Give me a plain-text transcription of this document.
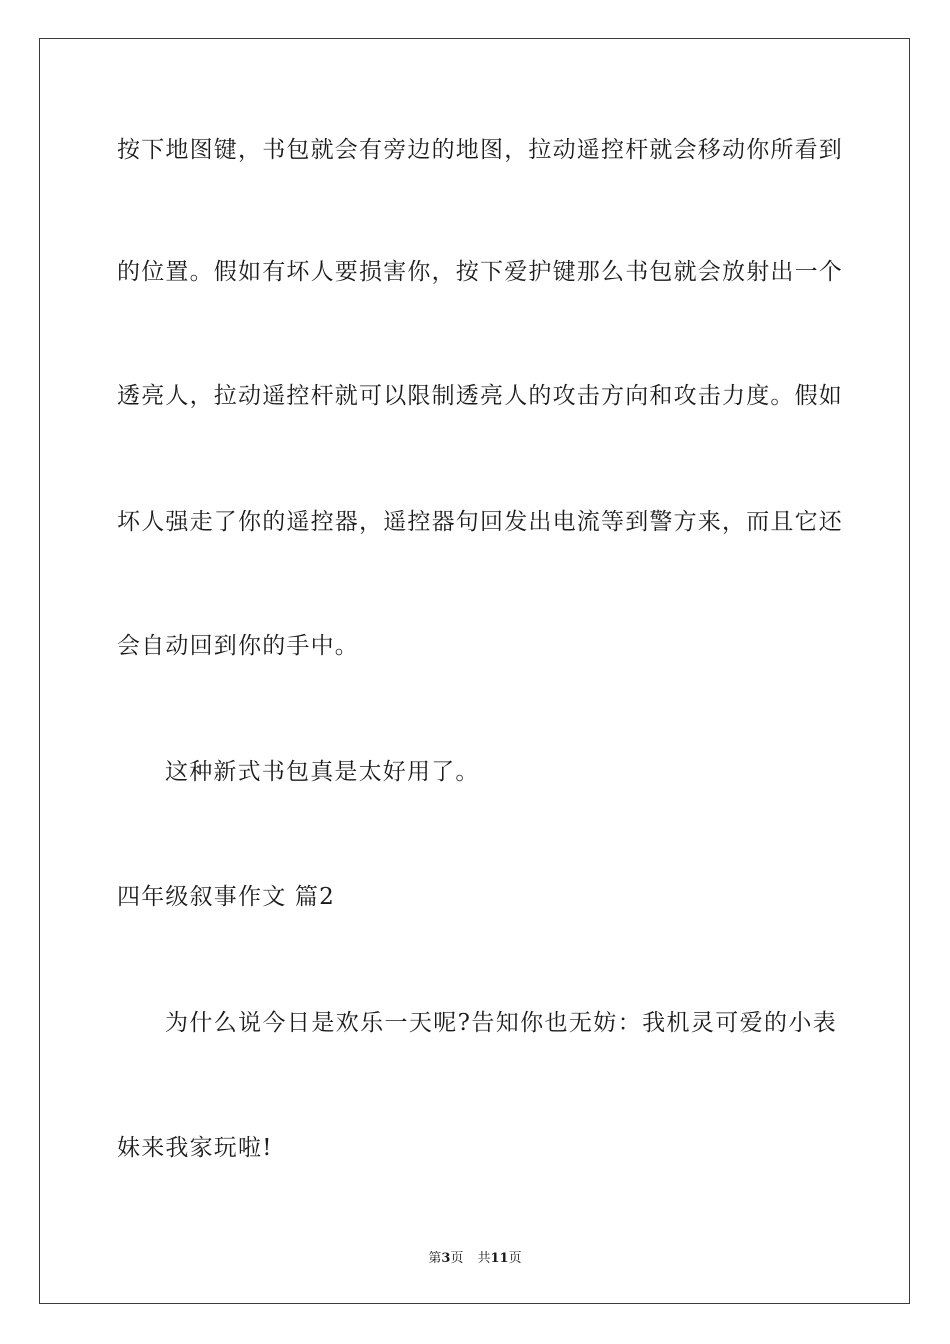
按下地图键，书包就会有旁边的地图，拉动遥控杆就会移动你所看到
的位置。假如有坏人要损害你，按下爱护键那么书包就会放射出一个
透亮人，拉动遥控杆就可以限制透亮人的攻击方向和攻击力度。假如
坏人强走了你的遥控器，遥控器句回发出电流等到警方来，而且它还
会自动回到你的手中。
这种新式书包真是太好用了。
四年级叙事作文 篇2
为什么说今日是欢乐一天呢?告知你也无妨：我机灵可爱的小表
妹来我家玩啦!
第3页 共11页
